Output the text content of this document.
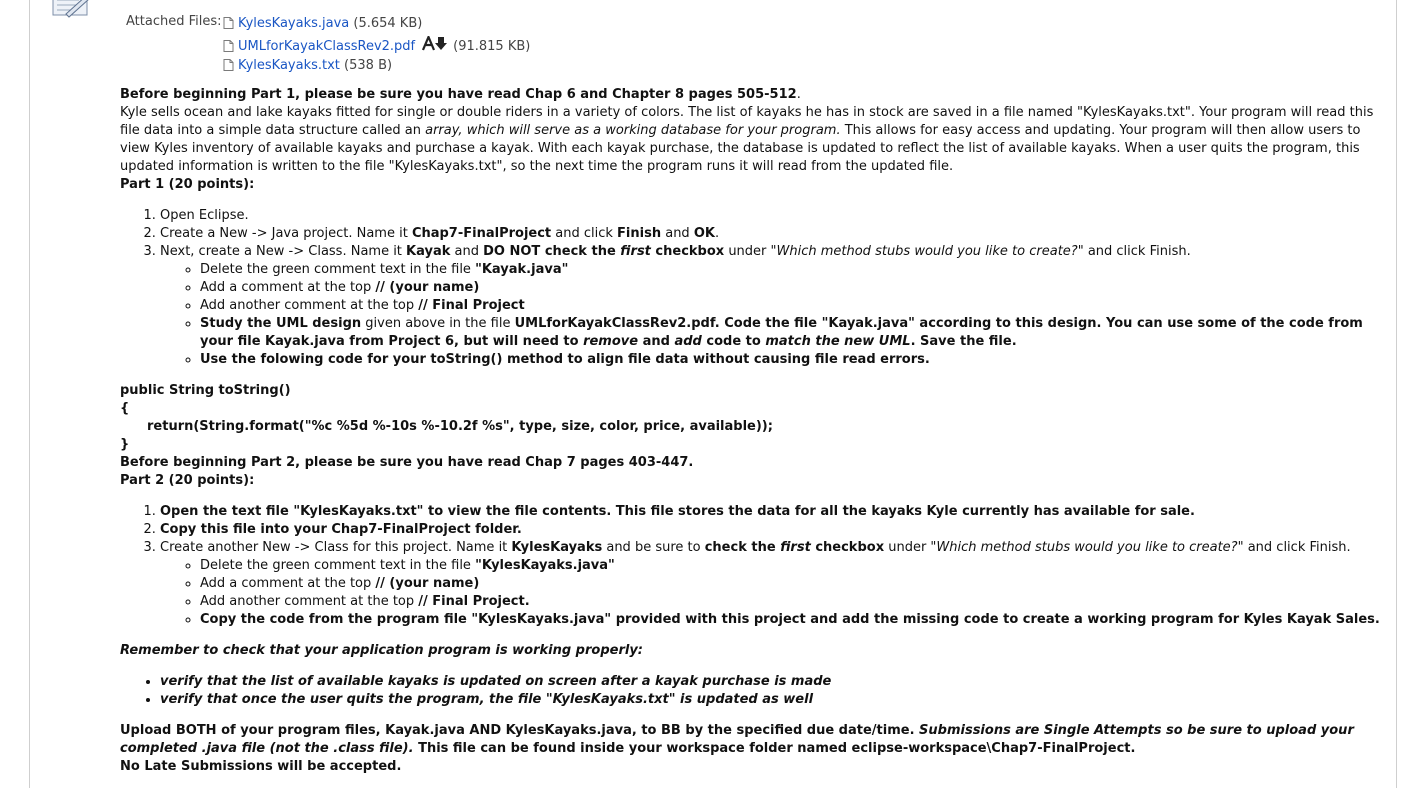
Attached Files:	KylesKayaks.java (5.654 KB)
UMLforKayakClassRev2.pdf	(91.815 KB)
KylesKayaks.txt (538 B)

Before beginning Part 1, please be sure you have read Chap 6 and Chapter 8 pages 505-512.

Kyle sells ocean and lake kayaks fitted for single or double riders in a variety of colors. The list of kayaks he has in stock are saved in a file named "KylesKayaks.txt". Your program will read this file data into a simple data structure called an array, which will serve as a working database for your program. This allows for easy access and updating. Your program will then allow users to view Kyles inventory of available kayaks and purchase a kayak. With each kayak purchase, the database is updated to reflect the list of available kayaks. When a user quits the program, this updated information is written to the file "KylesKayaks.txt", so the next time the program runs it will read from the updated file.

Part 1 (20 points):

1. Open Eclipse.
2. Create a New -> Java project. Name it Chap7-FinalProject and click Finish and OK.
3. Next, create a New -> Class. Name it Kayak and DO NOT check the first checkbox under "Which method stubs would you like to create?" and click Finish.
◦ Delete the green comment text in the file "Kayak.java"
◦ Add a comment at the top // (your name)
◦ Add another comment at the top // Final Project
◦ Study the UML design given above in the file UMLforKayakClassRev2.pdf. Code the file "Kayak.java" according to this design. You can use some of the code from your file Kayak.java from Project 6, but will need to remove and add code to match the new UML. Save the file.
◦ Use the folowing code for your toString() method to align file data without causing file read errors.

public String toString()

{

return(String.format("%c %5d %-10s %-10.2f %s", type, size, color, price, available));

}

Before beginning Part 2, please be sure you have read Chap 7 pages 403-447.

Part 2 (20 points):

1. Open the text file "KylesKayaks.txt" to view the file contents. This file stores the data for all the kayaks Kyle currently has available for sale.
2. Copy this file into your Chap7-FinalProject folder.
3. Create another New -> Class for this project. Name it KylesKayaks and be sure to check the first checkbox under "Which method stubs would you like to create?" and click Finish.
◦ Delete the green comment text in the file "KylesKayaks.java"
◦ Add a comment at the top // (your name)
◦ Add another comment at the top // Final Project.
◦ Copy the code from the program file "KylesKayaks.java" provided with this project and add the missing code to create a working program for Kyles Kayak Sales.

Remember to check that your application program is working properly:

• verify that the list of available kayaks is updated on screen after a kayak purchase is made
• verify that once the user quits the program, the file "KylesKayaks.txt" is updated as well

Upload BOTH of your program files, Kayak.java AND KylesKayaks.java, to BB by the specified due date/time. Submissions are Single Attempts so be sure to upload your completed .java file (not the .class file). This file can be found inside your workspace folder named eclipse-workspace\Chap7-FinalProject.

No Late Submissions will be accepted.
